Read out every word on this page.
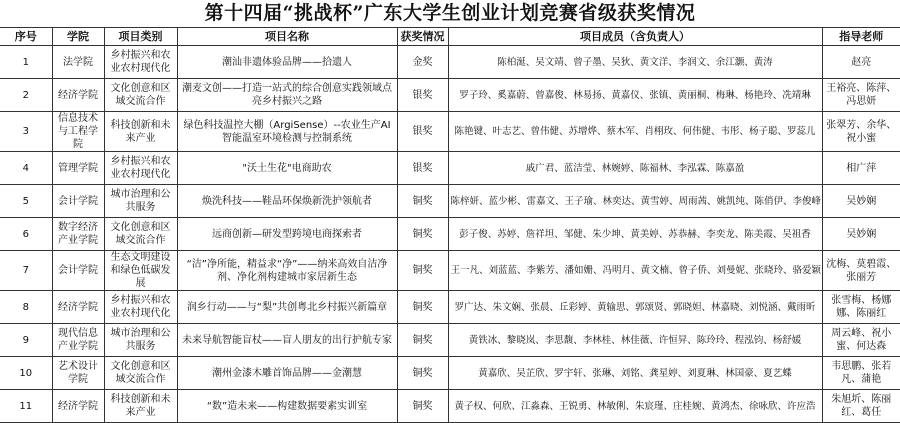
第十四届“挑战杯”广东大学生创业计划竞赛省级获奖情况
序号	学院	项目类别	项目名称	获奖情况	项目成员（含负责人）	指导老师
1	法学院	乡村振兴和农业农村现代化	潮汕非遗体验品牌——拾遗人	金奖	陈柏涎、吴文靖、曾子墨、吴狄、黄文洋、李润文、余江灏、黄涛	赵亮
2	经济学院	文化创意和区域交流合作	潮麦文创——打造一站式的综合创意实践领域点亮乡村振兴之路	银奖	罗子玲、奚嘉蔚、曾嘉俊、林易扬、黄嘉仪、张镇、黄丽桐、梅琳、杨艳玲、冼靖琳	王裕亮、陈萍、冯思妍
3	信息技术与工程学院	科技创新和未来产业	绿色科技温控大棚（ArgiSense）--农业生产AI智能温室环境检测与控制系统	银奖	陈艳键、叶志艺、曾伟健、苏增烨、蔡木军、肖栩玫、何伟健、韦彤、杨子聪、罗蕊儿	张翠芳、余华、祝小蜜
4	管理学院	乡村振兴和农业农村现代化	"沃土生花"电商助农	银奖	戚广君、蓝洁莹、林婉婷、陈福林、李泓霖、陈嘉盈	相广萍
5	会计学院	城市治理和公共服务	焕洗科技——鞋品环保焕新洗护领航者	铜奖	陈梓妍、蓝少彬、雷嘉文、王子瑜、林奕达、黄雪婷、周雨茜、姚凯纯、陈俏伊、李俊峰	吴妙娴
6	数字经济产业学院	文化创意和区域交流合作	远商创新—研发型跨境电商探索者	铜奖	彭子俊、苏婷、詹祥坦、邹健、朱少坤、黄美婷、苏恭赫、李奕龙、陈美霞、吴祖香	吴妙娴
7	会计学院	生态文明建设和绿色低碳发展	“洁”净所能，精益求“净”——纳米高效自洁净剂、净化剂构建城市家居新生态	铜奖	王一凡、刘蓝蓝、李紫芳、潘如姗、冯明月、黄文楠、曾子侨、刘曼妮、张晓玲、骆爱颖	沈梅、莫碧霞、张丽芳
8	经济学院	乡村振兴和农业农村现代化	润乡行动——与“梨”共创粤北乡村振兴新篇章	铜奖	罗广达、朱文娴、张晨、丘彩婷、黄输思、郭颂贤、郭晓妲、林嘉晓、刘悦涵、戴雨昕	张雪梅、杨娜娜、陈丽红
9	现代信息产业学院	城市治理和公共服务	未来导航智能盲杖——盲人朋友的出行护航专家	铜奖	黄铁冰、黎晓岚、李思馥、李林桂、林佳薇、许恒昇、陈玲玲、程泓钧、杨舒媛	周云峰、祝小蜜、何达森
10	艺术设计学院	文化创意和区域交流合作	潮州金漆木雕首饰品牌——金潮慧	铜奖	黄嘉欣、吴芷欣、罗宇轩、张琳、刘铭、龚星婷、刘夏琳、林国豪、夏艺蝶	韦思鹏、张若凡、蒲艳
11	经济学院	科技创新和未来产业	“数”造未来——构建数据要素实训室	铜奖	黄子权、何欣、江淼森、王锐勇、林敏俐、朱宸瑾、庄桂婉、黄鸿杰、徐咏欣、许应浩	朱旭圻、陈丽红、葛任
